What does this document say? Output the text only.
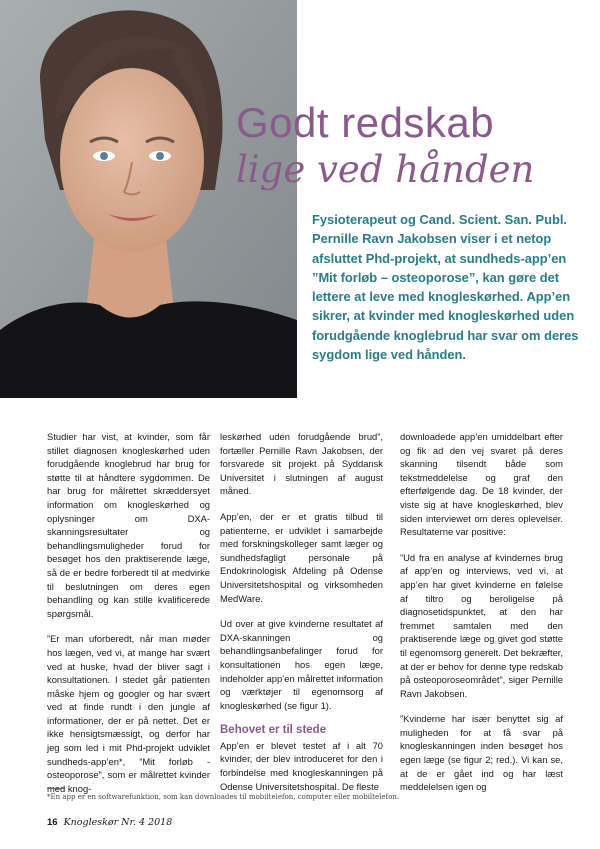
Godt redskab
lige ved hånden

Fysioterapeut og Cand. Scient. San. Publ. Pernille Ravn Jakobsen viser i et netop afsluttet Phd-projekt, at sundheds-app’en ”Mit forløb – osteoporose”, kan gøre det lettere at leve med knogleskørhed. App’en sikrer, at kvinder med knogleskørhed uden forudgående knoglebrud har svar om deres sygdom lige ved hånden.

Studier har vist, at kvinder, som får stillet diagnosen knogleskørhed uden forudgående knoglebrud har brug for støtte til at håndtere sygdommen. De har brug for målrettet skræddersyet information om knogleskørhed og oplysninger om DXA-skanningsresultater og behandlingsmuligheder forud for besøget hos den praktiserende læge, så de er bedre forberedt til at medvirke til beslutningen om deres egen behandling og kan stille kvalificerede spørgsmål.

”Er man uforberedt, når man møder hos lægen, ved vi, at mange har svært ved at huske, hvad der bliver sagt i konsultationen. I stedet går patienten måske hjem og googler og har svært ved at finde rundt i den jungle af informationer, der er på nettet. Det er ikke hensigtsmæssigt, og derfor har jeg som led i mit Phd-projekt udviklet sundheds-app’en*, ”Mit forløb - osteoporose”, som er målrettet kvinder med knog-

leskørhed uden forudgående brud”, fortæller Pernille Ravn Jakobsen, der forsvarede sit projekt på Syddansk Universitet i slutningen af august måned.

App’en, der er et gratis tilbud til patienterne, er udviklet i samarbejde med forskningskolleger samt læger og sundhedsfagligt personale på Endokrinologisk Afdeling på Odense Universitetshospital og virksomheden MedWare.

Ud over at give kvinderne resultatet af DXA-skanningen og behandlingsanbefalinger forud for konsultationen hos egen læge, indeholder app’en målrettet information og værktøjer til egenomsorg af knogleskørhed (se figur 1).

Behovet er til stede

App’en er blevet testet af i alt 70 kvinder, der blev introduceret for den i forbindelse med knogleskanningen på Odense Universitetshospital. De fleste

downloadede app’en umiddelbart efter og fik ad den vej svaret på deres skanning tilsendt både som tekstmeddelelse og graf den efterfølgende dag. De 18 kvinder, der viste sig at have knogleskørhed, blev siden interviewet om deres oplevelser. Resultaterne var positive:

”Ud fra en analyse af kvindernes brug af app’en og interviews, ved vi, at app’en har givet kvinderne en følelse af tiltro og beroligelse på diagnosetidspunktet, at den har fremmet samtalen med den praktiserende læge og givet god støtte til egenomsorg generelt. Det bekræfter, at der er behov for denne type redskab på osteoporoseområdet”, siger Pernille Ravn Jakobsen.

”Kvinderne har især benyttet sig af muligheden for at få svar på knogleskanningen inden besøget hos egen læge (se figur 2; red.). Vi kan se, at de er gået ind og har læst meddelelsen igen og

*En app er en softwarefunktion, som kan downloades til mobiltelefon, computer eller mobiltelefon.
16 Knogleskør Nr. 4 2018
